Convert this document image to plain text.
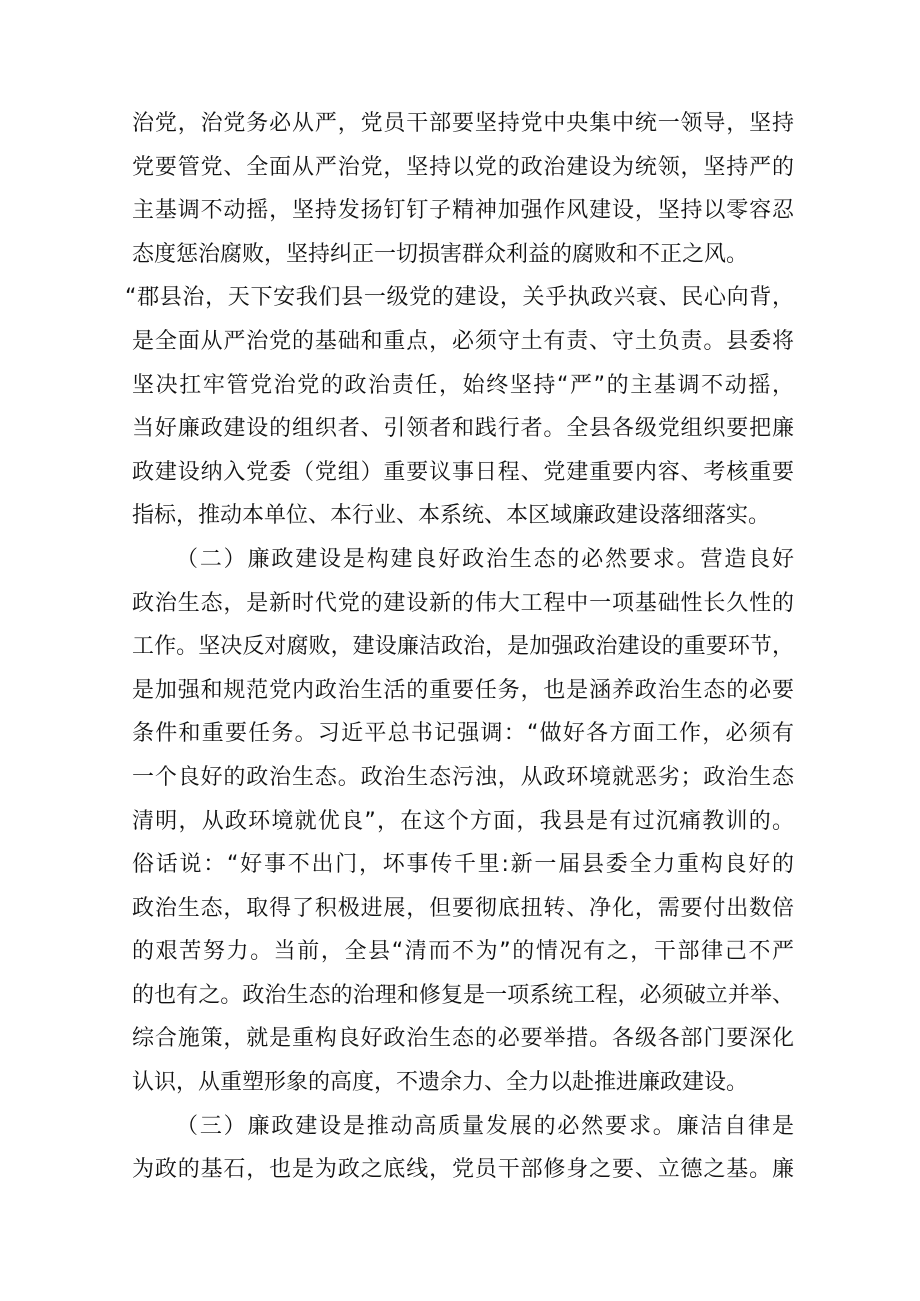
治党，治党务必从严，党员干部要坚持党中央集中统一领导，坚持
党要管党、全面从严治党，坚持以党的政治建设为统领，坚持严的
主基调不动摇，坚持发扬钉钉子精神加强作风建设，坚持以零容忍
态度惩治腐败，坚持纠正一切损害群众利益的腐败和不正之风。
“郡县治，天下安我们县一级党的建设，关乎执政兴衰、民心向背，
是全面从严治党的基础和重点，必须守土有责、守土负责。县委将
坚决扛牢管党治党的政治责任，始终坚持“严”的主基调不动摇，
当好廉政建设的组织者、引领者和践行者。全县各级党组织要把廉
政建设纳入党委（党组）重要议事日程、党建重要内容、考核重要
指标，推动本单位、本行业、本系统、本区域廉政建设落细落实。
（二）廉政建设是构建良好政治生态的必然要求。营造良好
政治生态，是新时代党的建设新的伟大工程中一项基础性长久性的
工作。坚决反对腐败，建设廉洁政治，是加强政治建设的重要环节，
是加强和规范党内政治生活的重要任务，也是涵养政治生态的必要
条件和重要任务。习近平总书记强调：“做好各方面工作，必须有
一个良好的政治生态。政治生态污浊，从政环境就恶劣；政治生态
清明，从政环境就优良”，在这个方面，我县是有过沉痛教训的。
俗话说：“好事不出门，坏事传千里:新一届县委全力重构良好的
政治生态，取得了积极进展，但要彻底扭转、净化，需要付出数倍
的艰苦努力。当前，全县“清而不为”的情况有之，干部律己不严
的也有之。政治生态的治理和修复是一项系统工程，必须破立并举、
综合施策，就是重构良好政治生态的必要举措。各级各部门要深化
认识，从重塑形象的高度，不遗余力、全力以赴推进廉政建设。
（三）廉政建设是推动高质量发展的必然要求。廉洁自律是
为政的基石，也是为政之底线，党员干部修身之要、立德之基。廉
